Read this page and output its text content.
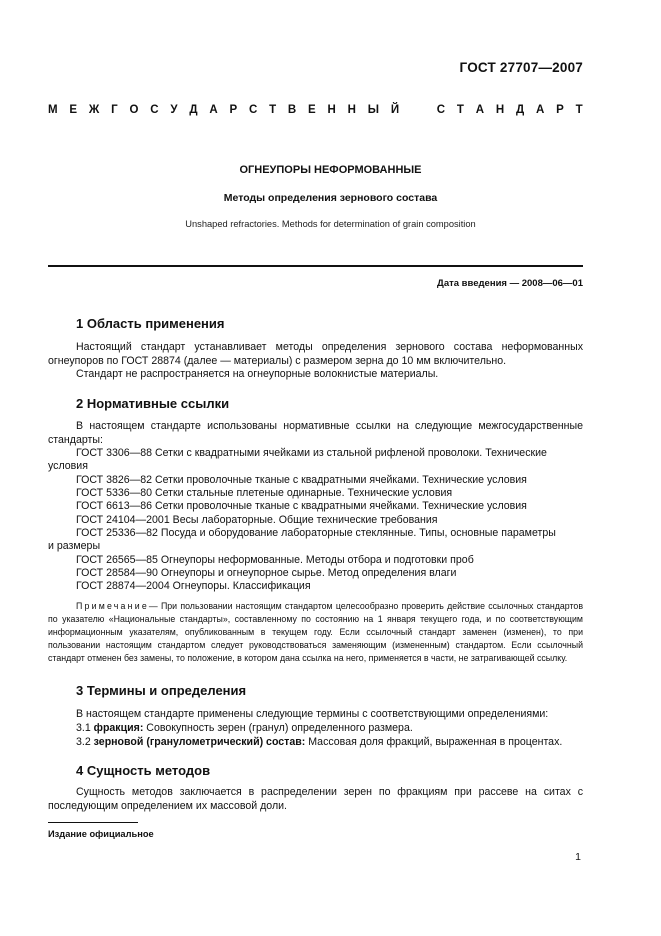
ГОСТ 27707—2007
М Е Ж Г О С У Д А Р С Т В Е Н Н Ы Й	С Т А Н Д А Р Т
ОГНЕУПОРЫ НЕФОРМОВАННЫЕ
Методы определения зернового состава
Unshaped refractories. Methods for determination of grain composition
Дата введения — 2008—06—01
1 Область применения
Настоящий стандарт устанавливает методы определения зернового состава неформованных огнеупоров по ГОСТ 28874 (далее — материалы) с размером зерна до 10 мм включительно.
Стандарт не распространяется на огнеупорные волокнистые материалы.
2 Нормативные ссылки
В настоящем стандарте использованы нормативные ссылки на следующие межгосударственные стандарты:
ГОСТ 3306—88 Сетки с квадратными ячейками из стальной рифленой проволоки. Технические
условия
ГОСТ 3826—82 Сетки проволочные тканые с квадратными ячейками. Технические условия
ГОСТ 5336—80 Сетки стальные плетеные одинарные. Технические условия
ГОСТ 6613—86 Сетки проволочные тканые с квадратными ячейками. Технические условия
ГОСТ 24104—2001 Весы лабораторные. Общие технические требования
ГОСТ 25336—82 Посуда и оборудование лабораторные стеклянные. Типы, основные параметры
и размеры
ГОСТ 26565—85 Огнеупоры неформованные. Методы отбора и подготовки проб
ГОСТ 28584—90 Огнеупоры и огнеупорное сырье. Метод определения влаги
ГОСТ 28874—2004 Огнеупоры. Классификация
Примечание— При пользовании настоящим стандартом целесообразно проверить действие ссылочных стандартов по указателю «Национальные стандарты», составленному по состоянию на 1 января текущего года, и по соответствующим информационным указателям, опубликованным в текущем году. Если ссылочный стандарт заменен (изменен), то при пользовании настоящим стандартом следует руководствоваться заменяющим (измененным) стандартом. Если ссылочный стандарт отменен без замены, то положение, в котором дана ссылка на него, применяется в части, не затрагивающей ссылку.
3 Термины и определения
В настоящем стандарте применены следующие термины с соответствующими определениями:
3.1 фракция: Совокупность зерен (гранул) определенного размера.
3.2 зерновой (гранулометрический) состав: Массовая доля фракций, выраженная в процентах.
4 Сущность методов
Сущность методов заключается в распределении зерен по фракциям при рассеве на ситах с последующим определением их массовой доли.
Издание официальное
1
